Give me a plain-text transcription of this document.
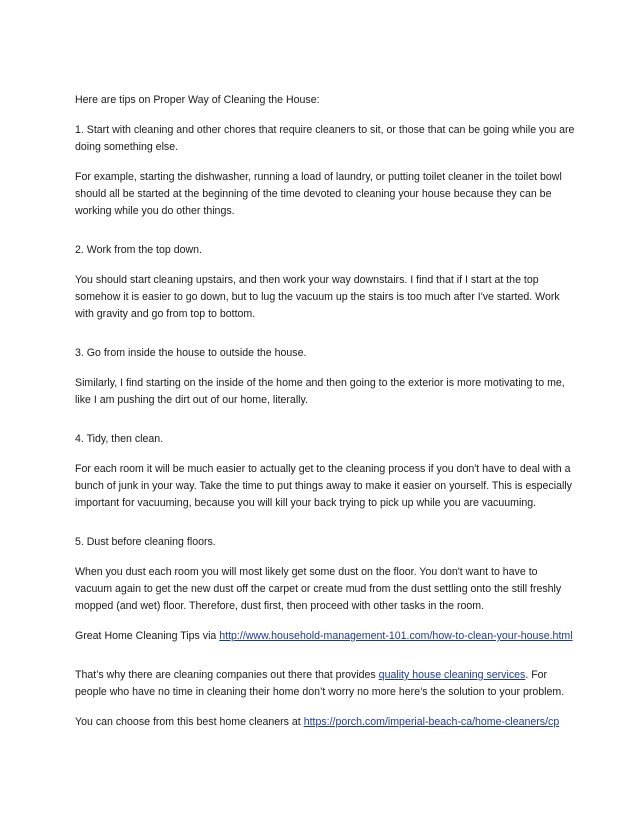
Here are tips on Proper Way of Cleaning the House:

1. Start with cleaning and other chores that require cleaners to sit, or those that can be going while you are doing something else.

For example, starting the dishwasher, running a load of laundry, or putting toilet cleaner in the toilet bowl should all be started at the beginning of the time devoted to cleaning your house because they can be working while you do other things.

2. Work from the top down.

You should start cleaning upstairs, and then work your way downstairs. I find that if I start at the top somehow it is easier to go down, but to lug the vacuum up the stairs is too much after I've started. Work with gravity and go from top to bottom.

3. Go from inside the house to outside the house.

Similarly, I find starting on the inside of the home and then going to the exterior is more motivating to me, like I am pushing the dirt out of our home, literally.

4. Tidy, then clean.

For each room it will be much easier to actually get to the cleaning process if you don't have to deal with a bunch of junk in your way. Take the time to put things away to make it easier on yourself. This is especially important for vacuuming, because you will kill your back trying to pick up while you are vacuuming.

5. Dust before cleaning floors.

When you dust each room you will most likely get some dust on the floor. You don't want to have to vacuum again to get the new dust off the carpet or create mud from the dust settling onto the still freshly mopped (and wet) floor. Therefore, dust first, then proceed with other tasks in the room.

Great Home Cleaning Tips via http://www.household-management-101.com/how-to-clean-your-house.html

That’s why there are cleaning companies out there that provides quality house cleaning services. For people who have no time in cleaning their home don’t worry no more here’s the solution to your problem.

You can choose from this best home cleaners at https://porch.com/imperial-beach-ca/home-cleaners/cp
